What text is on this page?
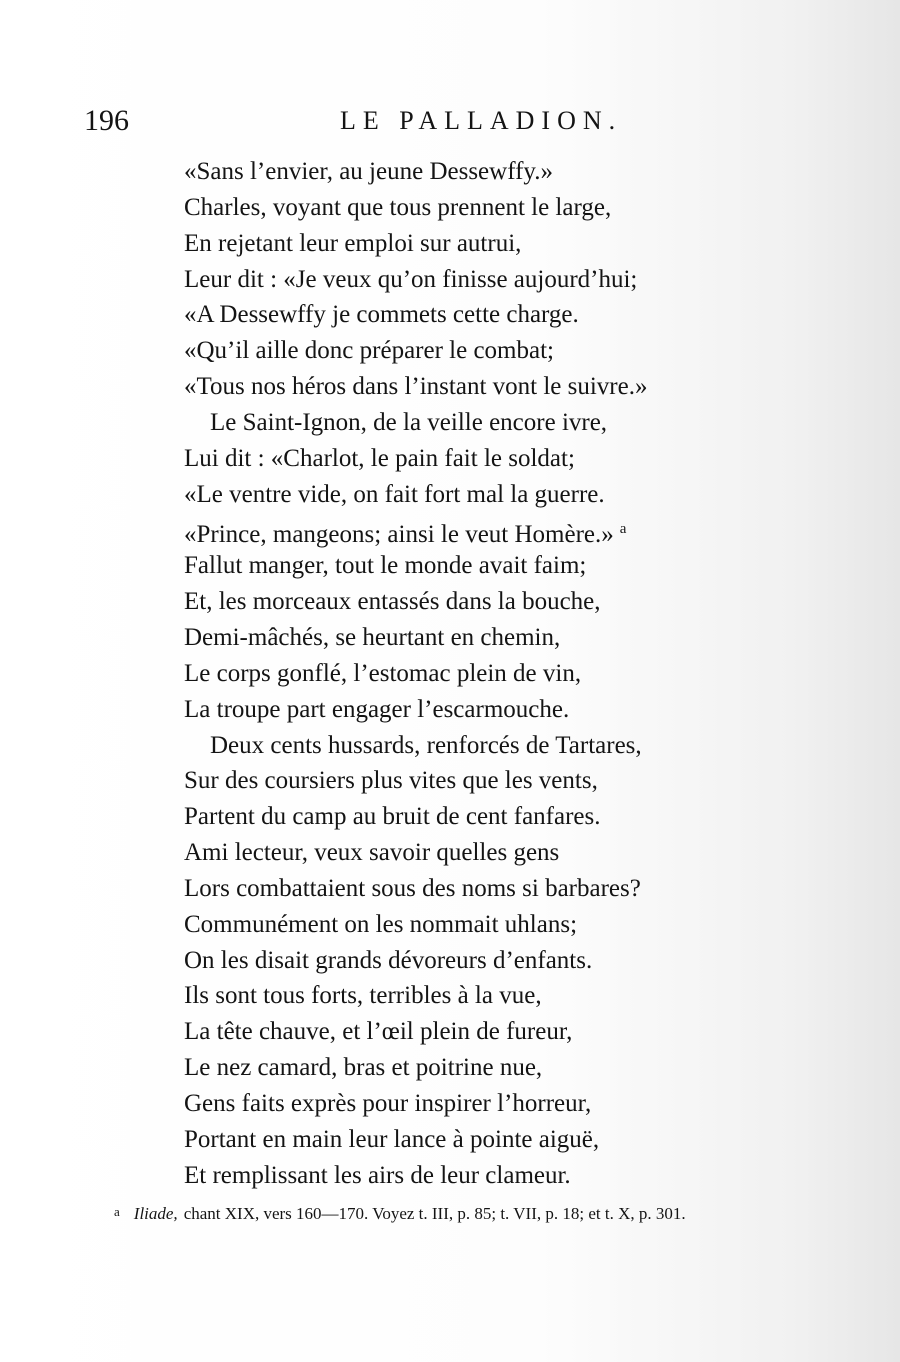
196	LE PALLADION.
«Sans l’envier, au jeune Dessewffy.»
Charles, voyant que tous prennent le large,
En rejetant leur emploi sur autrui,
Leur dit : «Je veux qu’on finisse aujourd’hui;
«A Dessewffy je commets cette charge.
«Qu’il aille donc préparer le combat;
«Tous nos héros dans l’instant vont le suivre.»
Le Saint-Ignon, de la veille encore ivre,
Lui dit : «Charlot, le pain fait le soldat;
«Le ventre vide, on fait fort mal la guerre.
«Prince, mangeons; ainsi le veut Homère.» $^a$
Fallut manger, tout le monde avait faim;
Et, les morceaux entassés dans la bouche,
Demi-mâchés, se heurtant en chemin,
Le corps gonflé, l’estomac plein de vin,
La troupe part engager l’escarmouche.
Deux cents hussards, renforcés de Tartares,
Sur des coursiers plus vites que les vents,
Partent du camp au bruit de cent fanfares.
Ami lecteur, veux savoir quelles gens
Lors combattaient sous des noms si barbares?
Communément on les nommait uhlans;
On les disait grands dévoreurs d’enfants.
Ils sont tous forts, terribles à la vue,
La tête chauve, et l’œil plein de fureur,
Le nez camard, bras et poitrine nue,
Gens faits exprès pour inspirer l’horreur,
Portant en main leur lance à pointe aiguë,
Et remplissant les airs de leur clameur.
a Iliade, chant XIX, vers 160—170. Voyez t. III, p. 85; t. VII, p. 18; et t. X, p. 301.
